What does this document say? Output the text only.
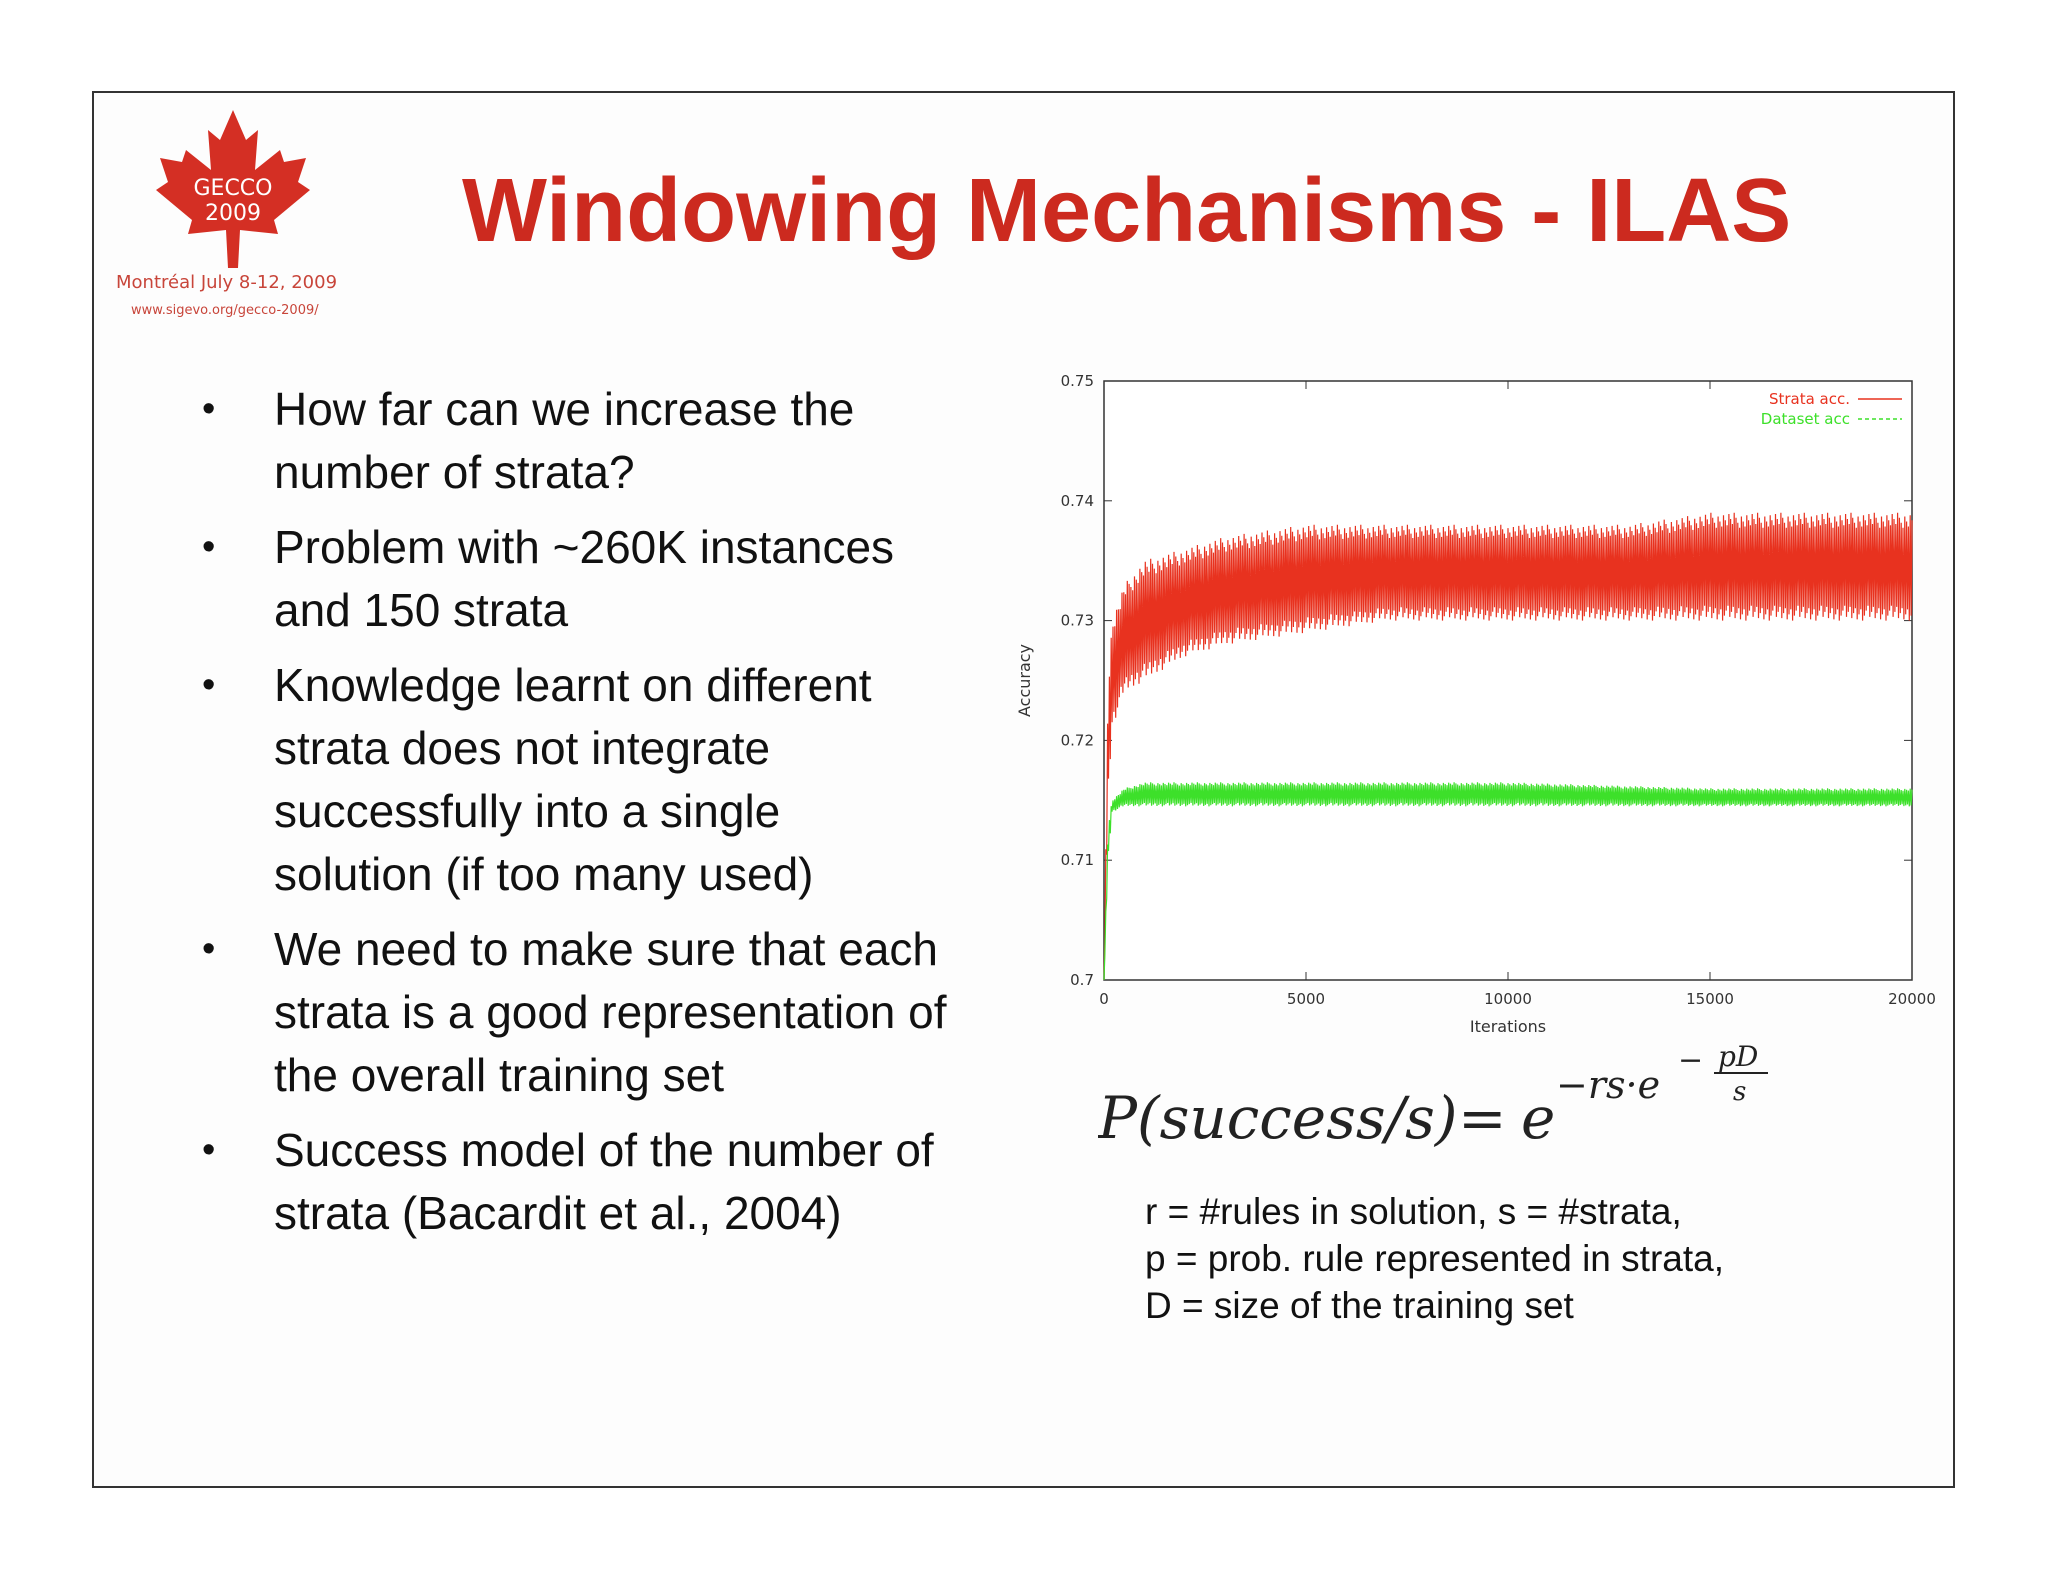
GECCO
2009
Montréal July 8-12, 2009
www.sigevo.org/gecco-2009/
Windowing Mechanisms - ILAS
• How far can we increase the number of strata?
• Problem with ~260K instances and 150 strata
• Knowledge learnt on different strata does not integrate successfully into a single solution (if too many used)
• We need to make sure that each strata is a good representation of the overall training set
• Success model of the number of strata (Bacardit et al., 2004)
0.7
0.71
0.72
0.73
0.74
0.75
0	5000	10000	15000	20000
Iterations
Accuracy
Strata acc.
Dataset acc
P(success/s) = e −rs·e
− pD
s
r = #rules in solution, s = #strata,
p = prob. rule represented in strata,
D = size of the training set
